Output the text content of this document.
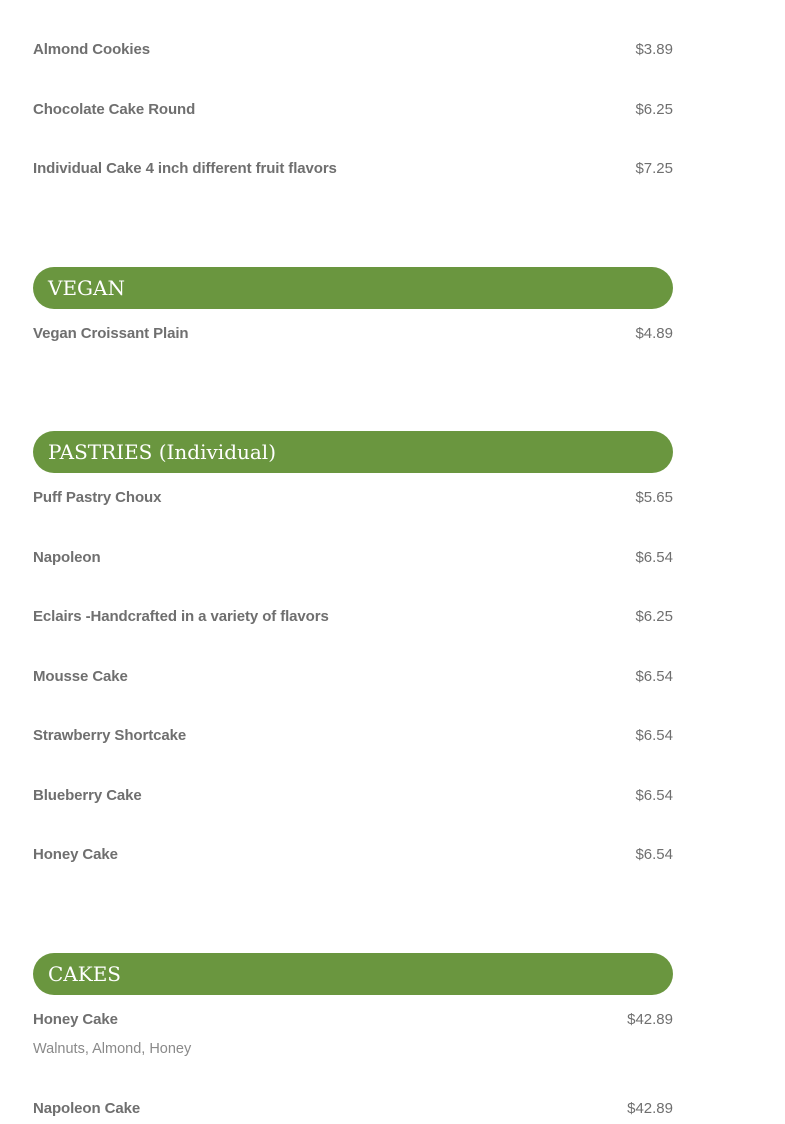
Almond Cookies	$3.89
Chocolate Cake Round	$6.25
Individual Cake 4 inch different fruit flavors	$7.25
VEGAN
Vegan Croissant Plain	$4.89
PASTRIES (Individual)
Puff Pastry Choux	$5.65
Napoleon	$6.54
Eclairs -Handcrafted in a variety of flavors	$6.25
Mousse Cake	$6.54
Strawberry Shortcake	$6.54
Blueberry Cake	$6.54
Honey Cake	$6.54
CAKES
Honey Cake	$42.89
Walnuts, Almond, Honey
Napoleon Cake	$42.89
